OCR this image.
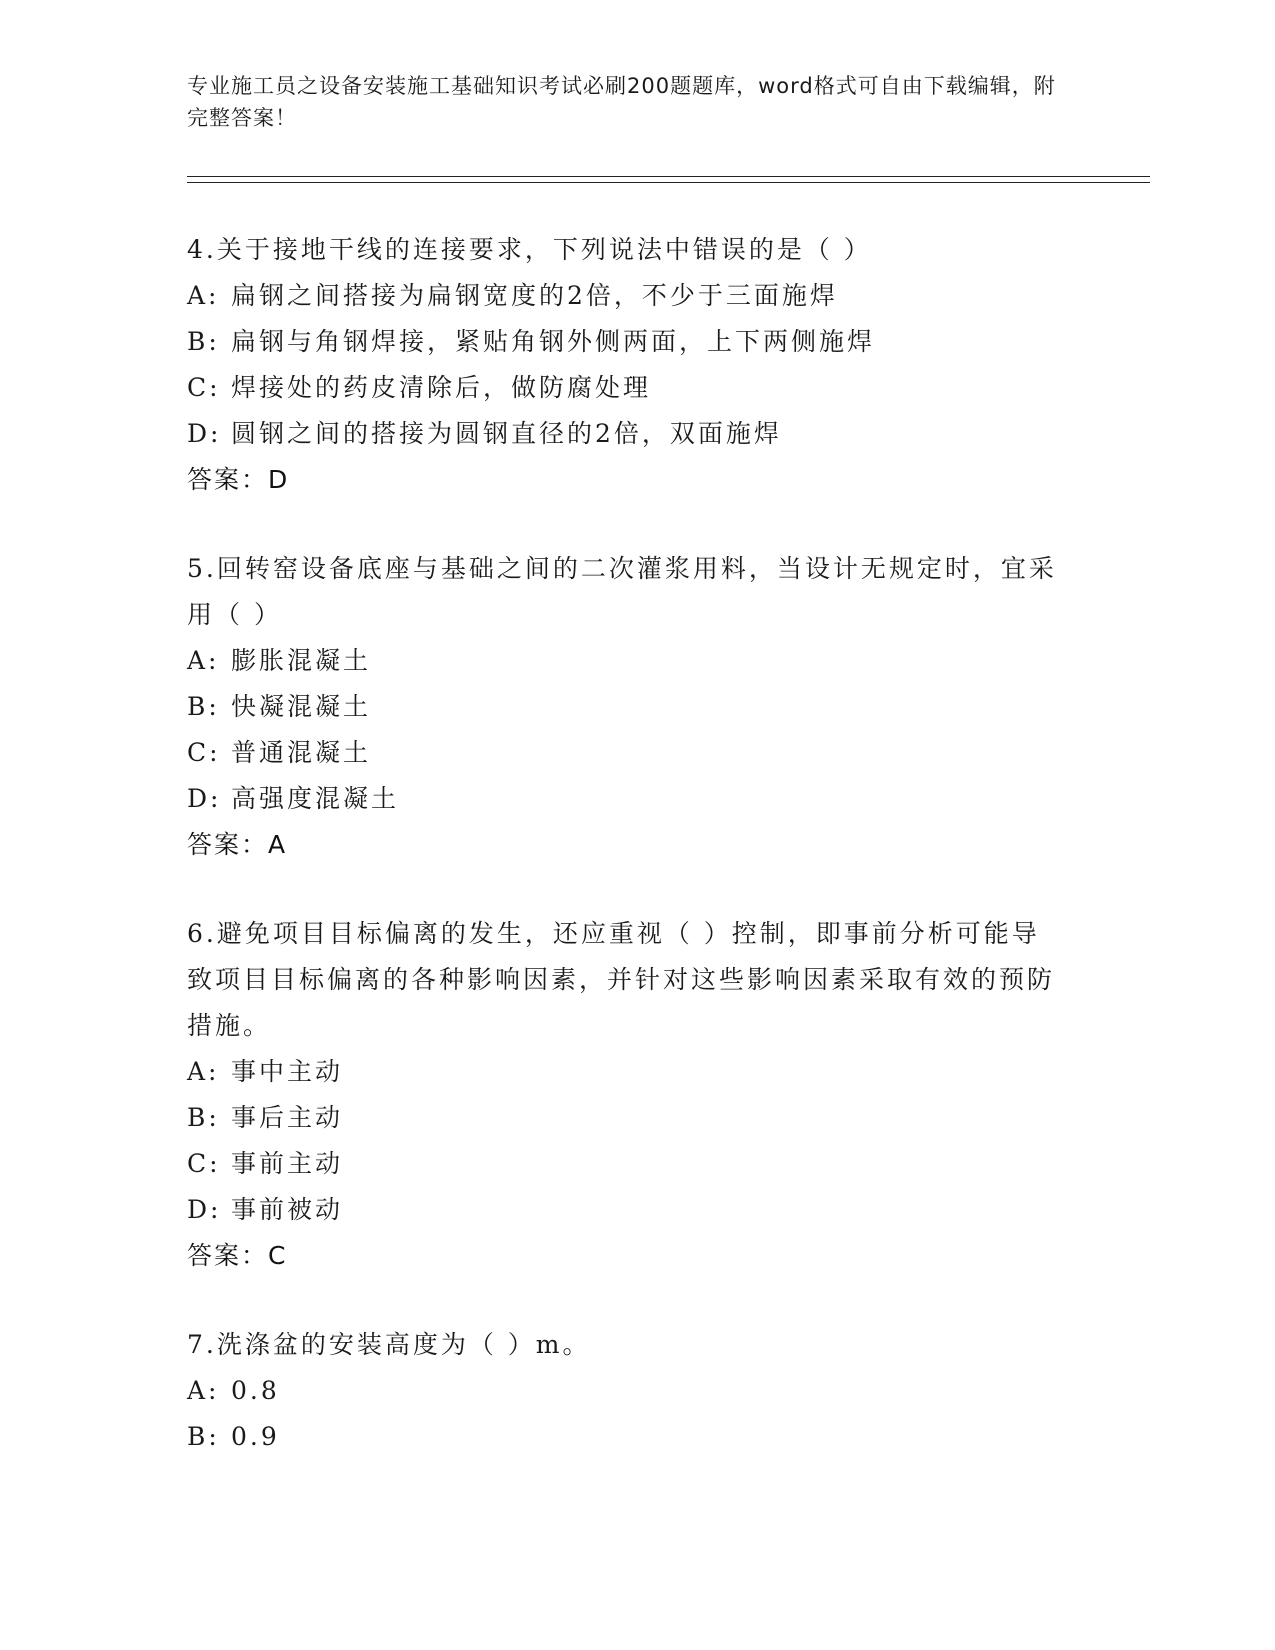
专业施工员之设备安装施工基础知识考试必刷200题题库，word格式可自由下载编辑，附完整答案！
4.关于接地干线的连接要求，下列说法中错误的是（ ）
A: 扁钢之间搭接为扁钢宽度的2倍，不少于三面施焊
B: 扁钢与角钢焊接，紧贴角钢外侧两面，上下两侧施焊
C: 焊接处的药皮清除后，做防腐处理
D: 圆钢之间的搭接为圆钢直径的2倍，双面施焊
答案：D
5.回转窑设备底座与基础之间的二次灌浆用料，当设计无规定时，宜采用（ ）
A: 膨胀混凝土
B: 快凝混凝土
C: 普通混凝土
D: 高强度混凝土
答案：A
6.避免项目目标偏离的发生，还应重视（ ）控制，即事前分析可能导致项目目标偏离的各种影响因素，并针对这些影响因素采取有效的预防措施。
A: 事中主动
B: 事后主动
C: 事前主动
D: 事前被动
答案：C
7.洗涤盆的安装高度为（ ）m。
A: 0.8
B: 0.9
